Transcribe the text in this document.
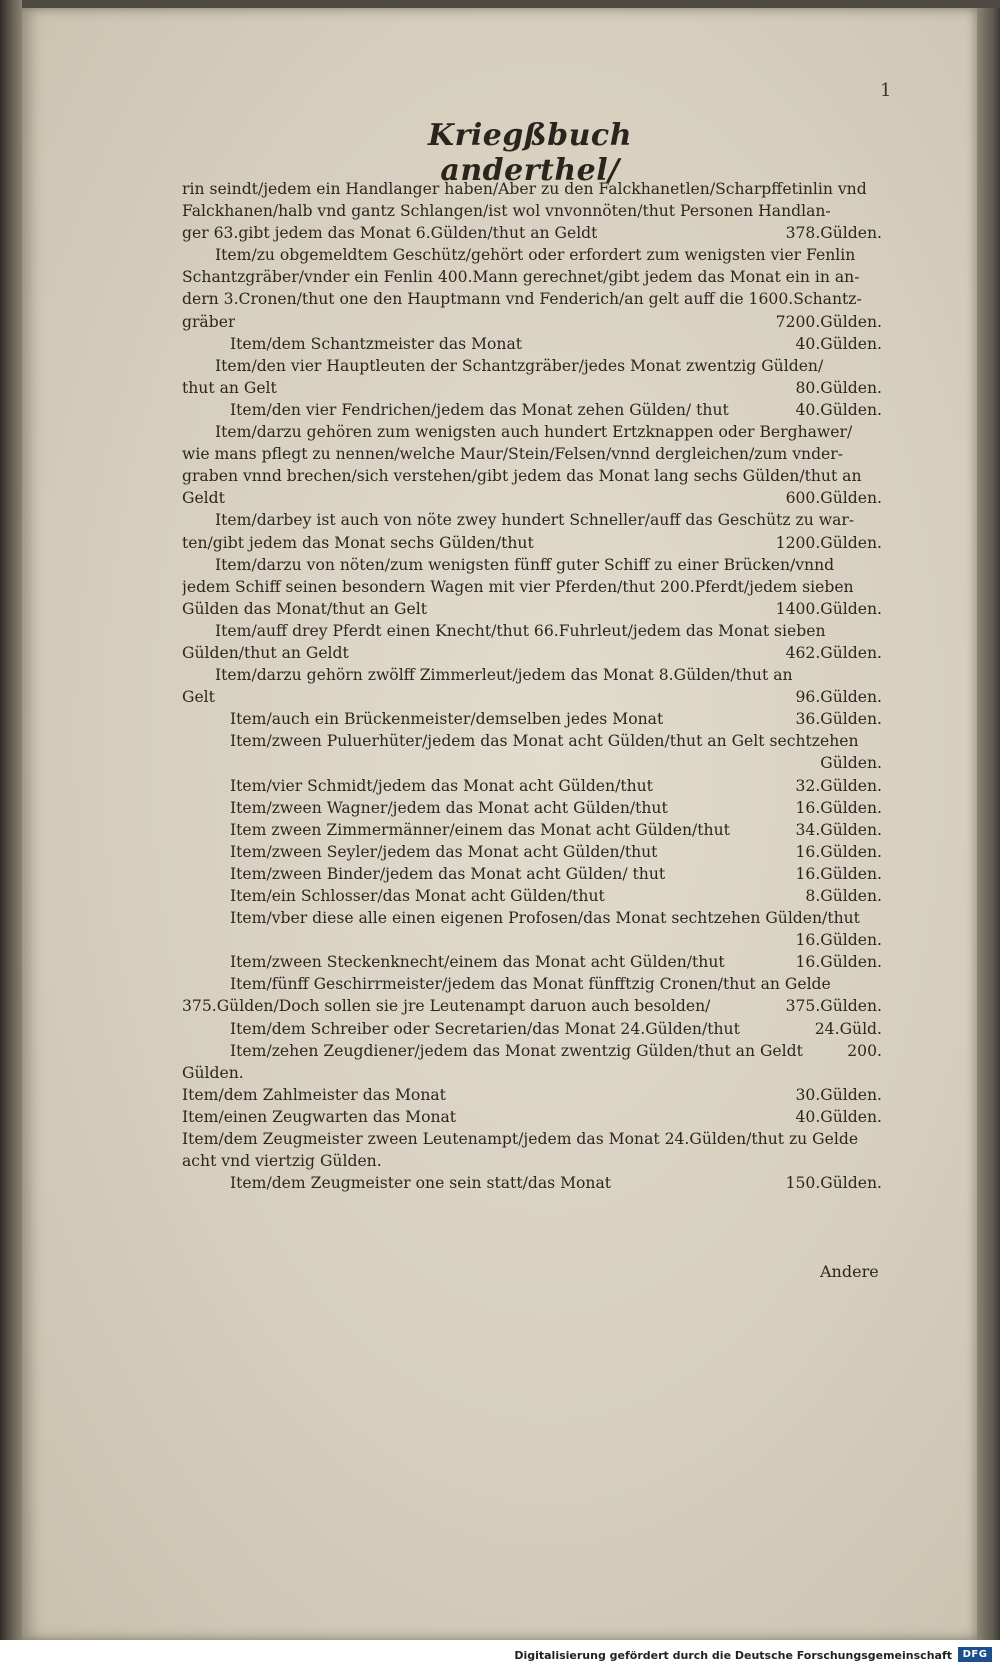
1
Kriegßbuch anderthel/
rin seindt/jedem ein Handlanger haben/Aber zu den Falckhanetlen/Scharpffetinlin vnd
Falckhanen/halb vnd gantz Schlangen/ist wol vnvonnöten/thut Personen Handlan-
ger 63.gibt jedem das Monat 6.Gülden/thut an Geldt	378.Gülden.
Item/zu obgemeldtem Geschütz/gehört oder erfordert zum wenigsten vier Fenlin
Schantzgräber/vnder ein Fenlin 400.Mann gerechnet/gibt jedem das Monat ein in an-
dern 3.Cronen/thut one den Hauptmann vnd Fenderich/an gelt auff die 1600.Schantz-
gräber	7200.Gülden.
Item/dem Schantzmeister das Monat	40.Gülden.
Item/den vier Hauptleuten der Schantzgräber/jedes Monat zwentzig Gülden/
thut an Gelt	80.Gülden.
Item/den vier Fendrichen/jedem das Monat zehen Gülden/ thut	40.Gülden.
Item/darzu gehören zum wenigsten auch hundert Ertzknappen oder Berghawer/
wie mans pflegt zu nennen/welche Maur/Stein/Felsen/vnnd dergleichen/zum vnder-
graben vnnd brechen/sich verstehen/gibt jedem das Monat lang sechs Gülden/thut an
Geldt	600.Gülden.
Item/darbey ist auch von nöte zwey hundert Schneller/auff das Geschütz zu war-
ten/gibt jedem das Monat sechs Gülden/thut	1200.Gülden.
Item/darzu von nöten/zum wenigsten fünff guter Schiff zu einer Brücken/vnnd
jedem Schiff seinen besondern Wagen mit vier Pferden/thut 200.Pferdt/jedem sieben
Gülden das Monat/thut an Gelt	1400.Gülden.
Item/auff drey Pferdt einen Knecht/thut 66.Fuhrleut/jedem das Monat sieben
Gülden/thut an Geldt	462.Gülden.
Item/darzu gehörn zwölff Zimmerleut/jedem das Monat 8.Gülden/thut an
Gelt	96.Gülden.
Item/auch ein Brückenmeister/demselben jedes Monat	36.Gülden.
Item/zween Puluerhüter/jedem das Monat acht Gülden/thut an Gelt sechtzehen
Gülden.
Item/vier Schmidt/jedem das Monat acht Gülden/thut	32.Gülden.
Item/zween Wagner/jedem das Monat acht Gülden/thut	16.Gülden.
Item zween Zimmermänner/einem das Monat acht Gülden/thut	34.Gülden.
Item/zween Seyler/jedem das Monat acht Gülden/thut	16.Gülden.
Item/zween Binder/jedem das Monat acht Gülden/ thut	16.Gülden.
Item/ein Schlosser/das Monat acht Gülden/thut	8.Gülden.
Item/vber diese alle einen eigenen Profosen/das Monat sechtzehen Gülden/thut
16.Gülden.
Item/zween Steckenknecht/einem das Monat acht Gülden/thut	16.Gülden.
Item/fünff Geschirrmeister/jedem das Monat fünfftzig Cronen/thut an Gelde
375.Gülden/Doch sollen sie jre Leutenampt daruon auch besolden/	375.Gülden.
Item/dem Schreiber oder Secretarien/das Monat 24.Gülden/thut	24.Güld.
Item/zehen Zeugdiener/jedem das Monat zwentzig Gülden/thut an Geldt	200.
Gülden.
Item/dem Zahlmeister das Monat	30.Gülden.
Item/einen Zeugwarten das Monat	40.Gülden.
Item/dem Zeugmeister zween Leutenampt/jedem das Monat 24.Gülden/thut zu Gelde
acht vnd viertzig Gülden.
Item/dem Zeugmeister one sein statt/das Monat	150.Gülden.
Andere
Digitalisierung gefördert durch die Deutsche Forschungsgemeinschaft	DFG
